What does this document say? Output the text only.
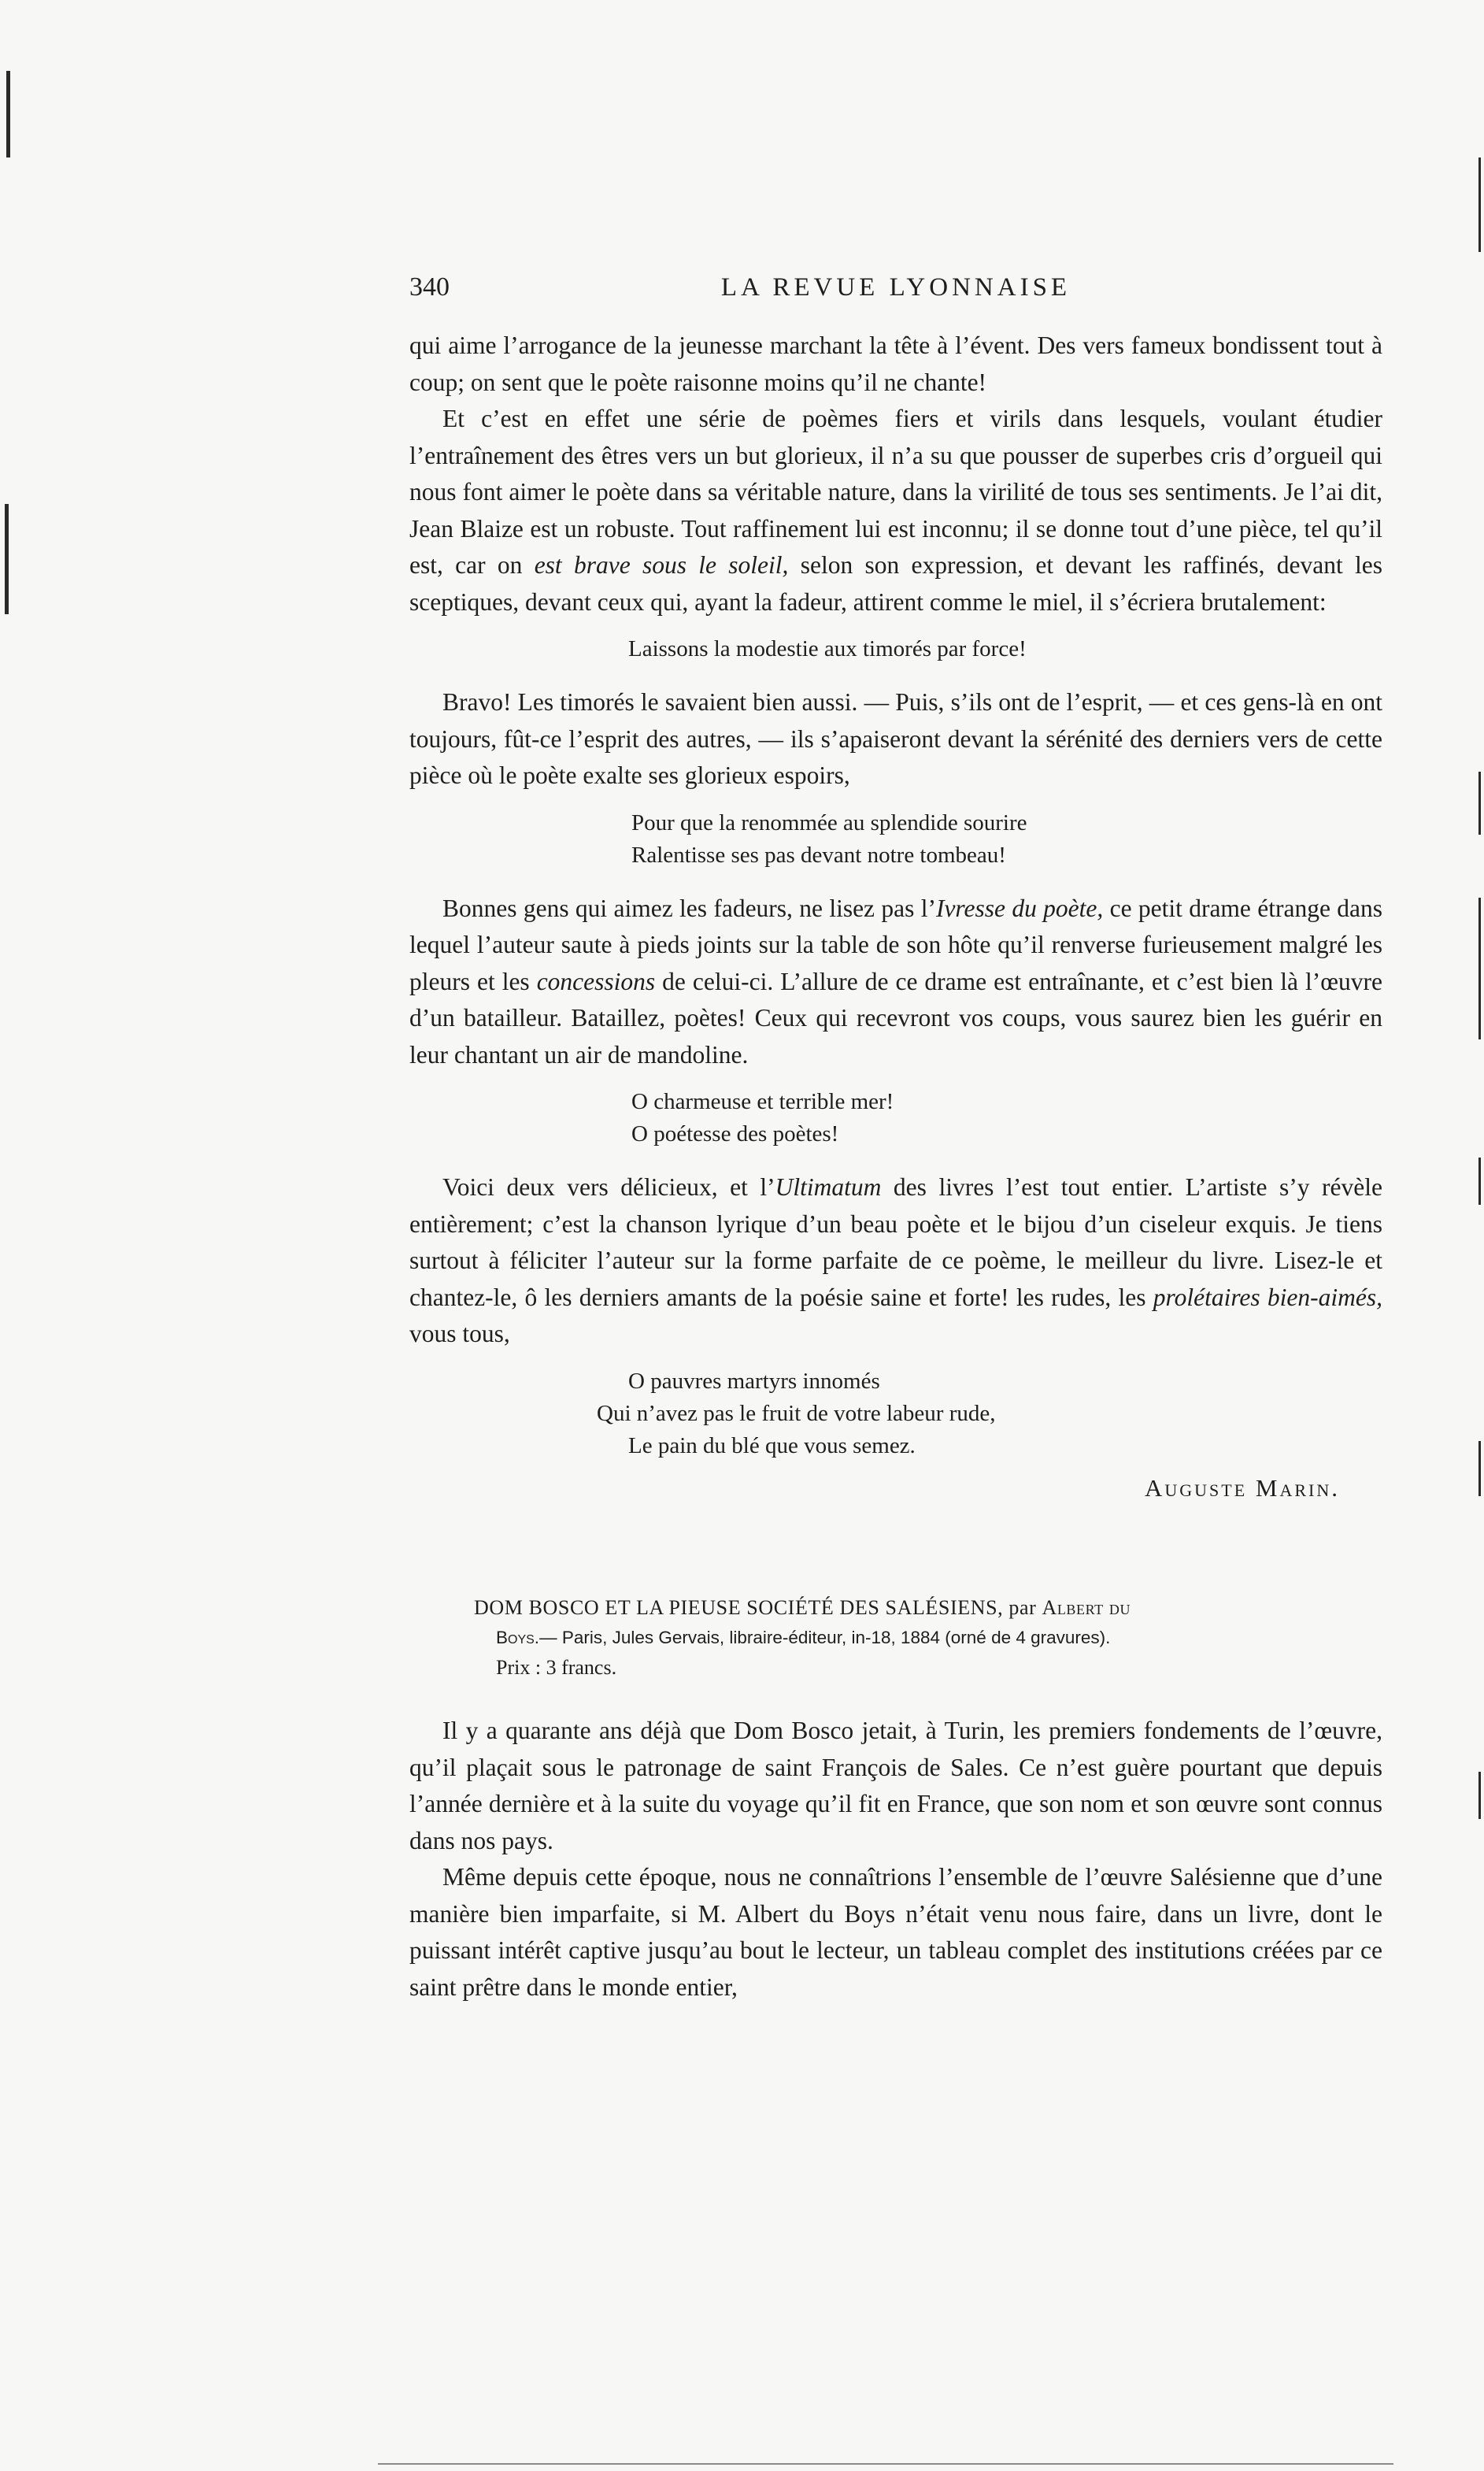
340	LA REVUE LYONNAISE

qui aime l’arrogance de la jeunesse marchant la tête à l’évent. Des vers fameux bondissent tout à coup; on sent que le poète raisonne moins qu’il ne chante!

Et c’est en effet une série de poèmes fiers et virils dans lesquels, voulant étudier l’entraînement des êtres vers un but glorieux, il n’a su que pousser de superbes cris d’orgueil qui nous font aimer le poète dans sa véritable nature, dans la virilité de tous ses sentiments. Je l’ai dit, Jean Blaize est un robuste. Tout raffinement lui est inconnu; il se donne tout d’une pièce, tel qu’il est, car on est brave sous le soleil, selon son expression, et devant les raffinés, devant les sceptiques, devant ceux qui, ayant la fadeur, attirent comme le miel, il s’écriera brutalement:

Laissons la modestie aux timorés par force!

Bravo! Les timorés le savaient bien aussi. — Puis, s’ils ont de l’esprit, — et ces gens-là en ont toujours, fût-ce l’esprit des autres, — ils s’apaiseront devant la sérénité des derniers vers de cette pièce où le poète exalte ses glorieux espoirs,

Pour que la renommée au splendide sourire
Ralentisse ses pas devant notre tombeau!

Bonnes gens qui aimez les fadeurs, ne lisez pas l’Ivresse du poète, ce petit drame étrange dans lequel l’auteur saute à pieds joints sur la table de son hôte qu’il renverse furieusement malgré les pleurs et les concessions de celui-ci. L’allure de ce drame est entraînante, et c’est bien là l’œuvre d’un batailleur. Bataillez, poètes! Ceux qui recevront vos coups, vous saurez bien les guérir en leur chantant un air de mandoline.

O charmeuse et terrible mer!
O poétesse des poètes!

Voici deux vers délicieux, et l’Ultimatum des livres l’est tout entier. L’artiste s’y révèle entièrement; c’est la chanson lyrique d’un beau poète et le bijou d’un ciseleur exquis. Je tiens surtout à féliciter l’auteur sur la forme parfaite de ce poème, le meilleur du livre. Lisez-le et chantez-le, ô les derniers amants de la poésie saine et forte! les rudes, les prolétaires bien-aimés, vous tous,

O pauvres martyrs innomés
Qui n’avez pas le fruit de votre labeur rude,
Le pain du blé que vous semez.
Auguste Marin.
DOM BOSCO ET LA PIEUSE SOCIÉTÉ DES SALÉSIENS, par Albert du
Boys.— Paris, Jules Gervais, libraire-éditeur, in-18, 1884 (orné de 4 gravures).
Prix : 3 francs.

Il y a quarante ans déjà que Dom Bosco jetait, à Turin, les premiers fondements de l’œuvre, qu’il plaçait sous le patronage de saint François de Sales. Ce n’est guère pourtant que depuis l’année dernière et à la suite du voyage qu’il fit en France, que son nom et son œuvre sont connus dans nos pays.

Même depuis cette époque, nous ne connaîtrions l’ensemble de l’œuvre Salésienne que d’une manière bien imparfaite, si M. Albert du Boys n’était venu nous faire, dans un livre, dont le puissant intérêt captive jusqu’au bout le lecteur, un tableau complet des institutions créées par ce saint prêtre dans le monde entier,
